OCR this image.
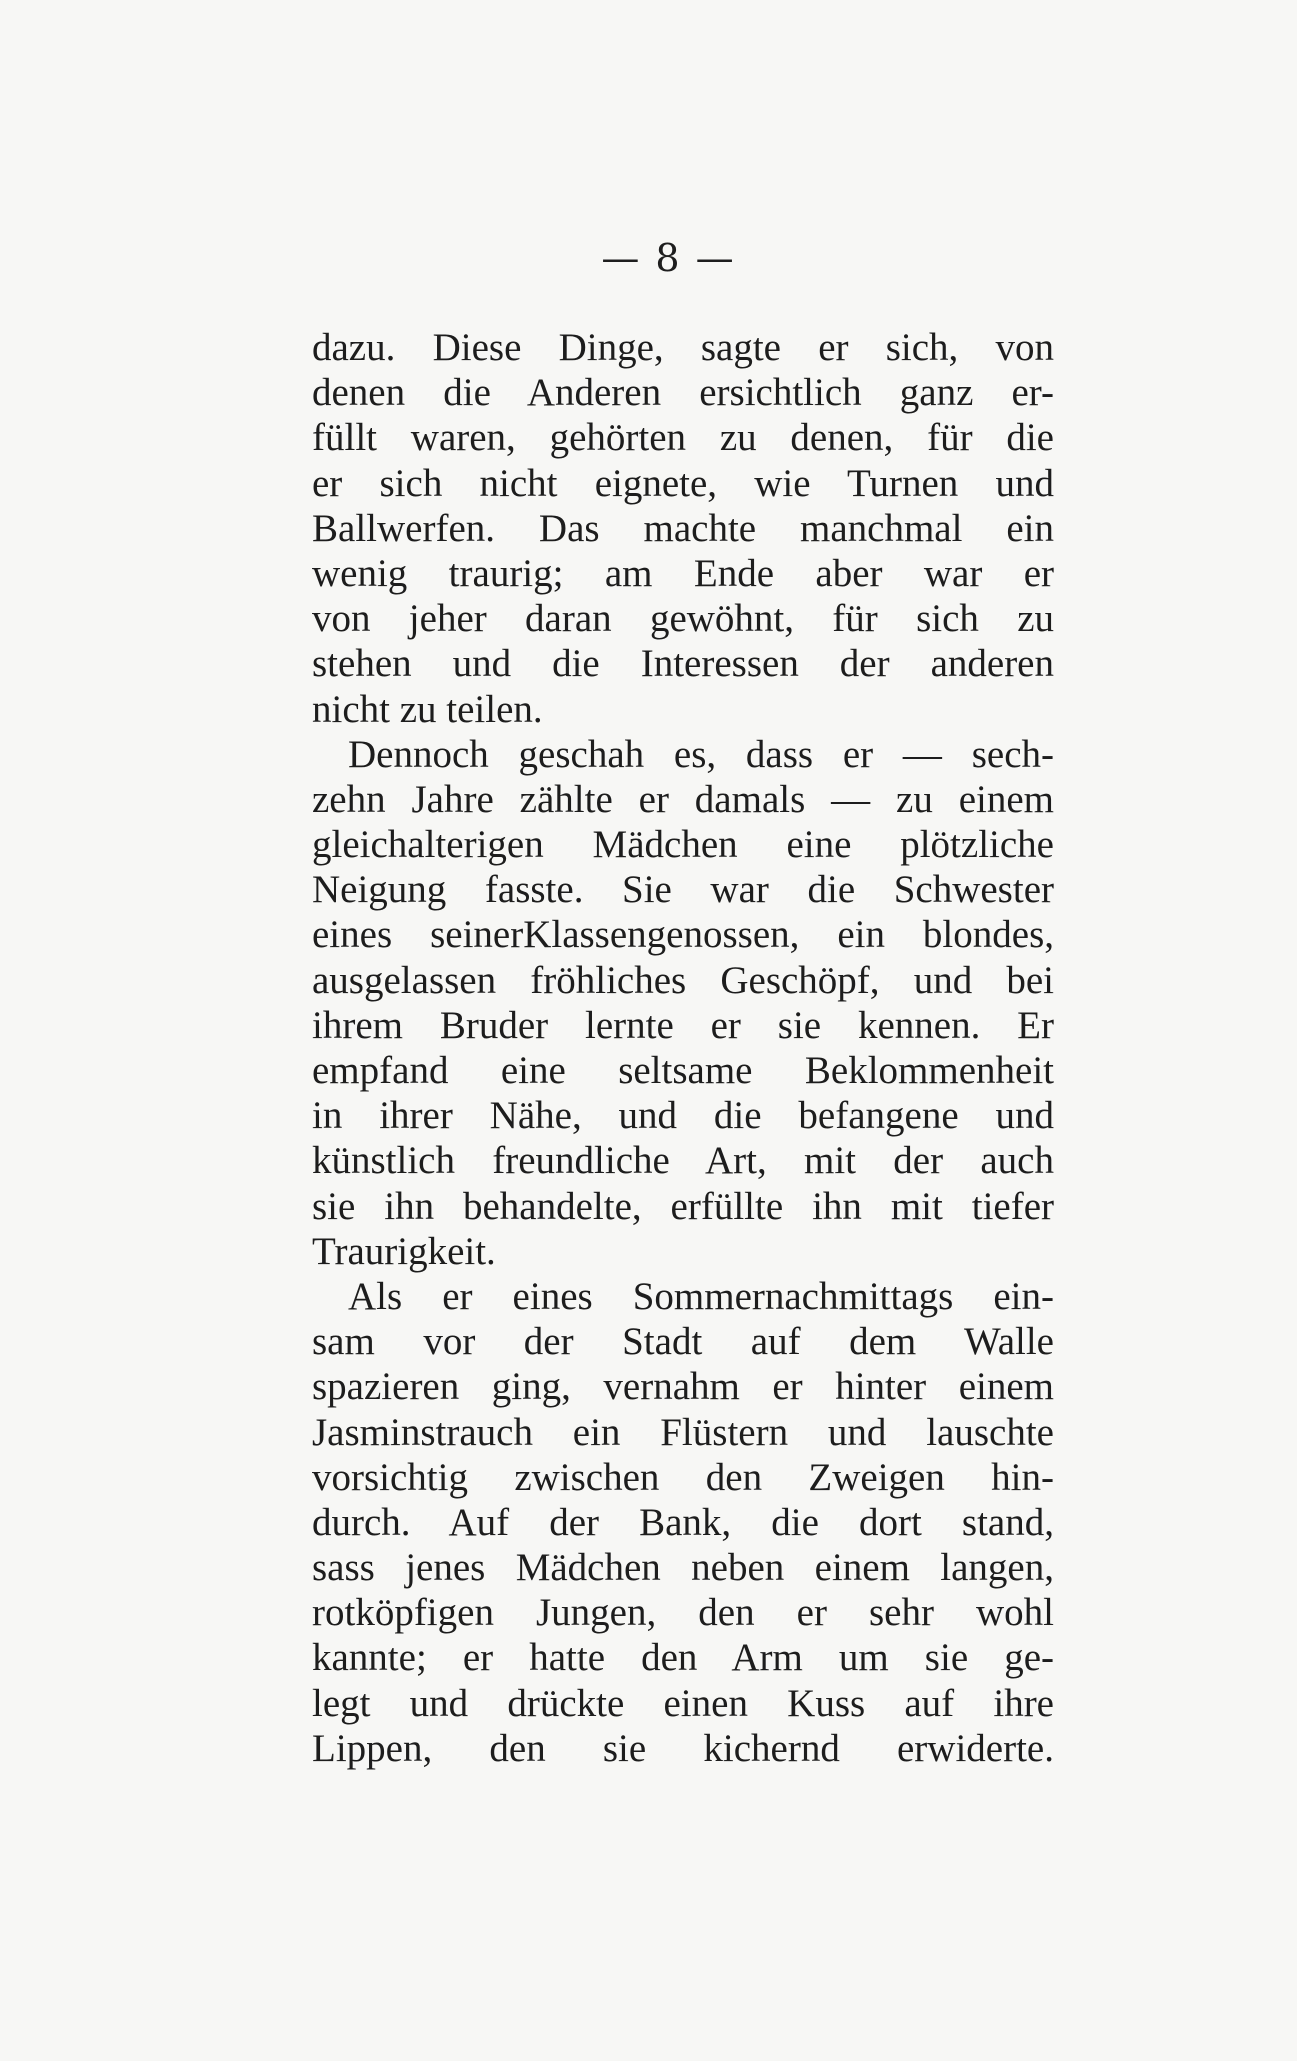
— 8 —
dazu. Diese Dinge, sagte er sich, von
denen die Anderen ersichtlich ganz er-
füllt waren, gehörten zu denen, für die
er sich nicht eignete, wie Turnen und
Ballwerfen. Das machte manchmal ein
wenig traurig; am Ende aber war er
von jeher daran gewöhnt, für sich zu
stehen und die Interessen der anderen
nicht zu teilen.
Dennoch geschah es, dass er — sech-
zehn Jahre zählte er damals — zu einem
gleichalterigen Mädchen eine plötzliche
Neigung fasste. Sie war die Schwester
eines seinerKlassengenossen, ein blondes,
ausgelassen fröhliches Geschöpf, und bei
ihrem Bruder lernte er sie kennen. Er
empfand eine seltsame Beklommenheit
in ihrer Nähe, und die befangene und
künstlich freundliche Art, mit der auch
sie ihn behandelte, erfüllte ihn mit tiefer
Traurigkeit.
Als er eines Sommernachmittags ein-
sam vor der Stadt auf dem Walle
spazieren ging, vernahm er hinter einem
Jasminstrauch ein Flüstern und lauschte
vorsichtig zwischen den Zweigen hin-
durch. Auf der Bank, die dort stand,
sass jenes Mädchen neben einem langen,
rotköpfigen Jungen, den er sehr wohl
kannte; er hatte den Arm um sie ge-
legt und drückte einen Kuss auf ihre
Lippen, den sie kichernd erwiderte.
